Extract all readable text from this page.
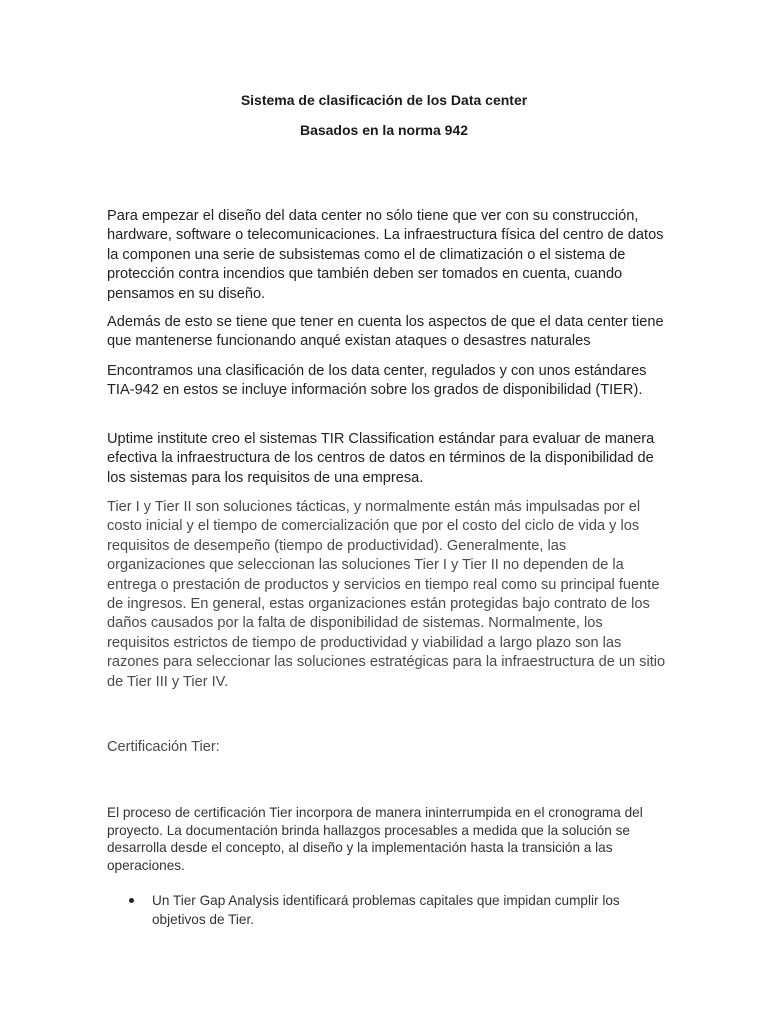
Sistema de clasificación de los Data center
Basados en la norma 942

Para empezar el diseño del data center no sólo tiene que ver con su construcción, hardware, software o telecomunicaciones. La infraestructura física del centro de datos la componen una serie de subsistemas como el de climatización o el sistema de protección contra incendios que también deben ser tomados en cuenta, cuando pensamos en su diseño.

Además de esto se tiene que tener en cuenta los aspectos de que el data center tiene que mantenerse funcionando anqué existan ataques o desastres naturales

Encontramos una clasificación de los data center, regulados y con unos estándares TIA-942 en estos se incluye información sobre los grados de disponibilidad (TIER).

Uptime institute creo el sistemas TIR Classification estándar para evaluar de manera efectiva la infraestructura de los centros de datos en términos de la disponibilidad de los sistemas para los requisitos de una empresa.

Tier I y Tier II son soluciones tácticas, y normalmente están más impulsadas por el costo inicial y el tiempo de comercialización que por el costo del ciclo de vida y los requisitos de desempeño (tiempo de productividad). Generalmente, las organizaciones que seleccionan las soluciones Tier I y Tier II no dependen de la entrega o prestación de productos y servicios en tiempo real como su principal fuente de ingresos. En general, estas organizaciones están protegidas bajo contrato de los daños causados por la falta de disponibilidad de sistemas. Normalmente, los requisitos estrictos de tiempo de productividad y viabilidad a largo plazo son las razones para seleccionar las soluciones estratégicas para la infraestructura de un sitio de Tier III y Tier IV.

Certificación Tier:

El proceso de certificación Tier incorpora de manera ininterrumpida en el cronograma del proyecto. La documentación brinda hallazgos procesables a medida que la solución se desarrolla desde el concepto, al diseño y la implementación hasta la transición a las operaciones.

Un Tier Gap Analysis identificará problemas capitales que impidan cumplir los objetivos de Tier.
